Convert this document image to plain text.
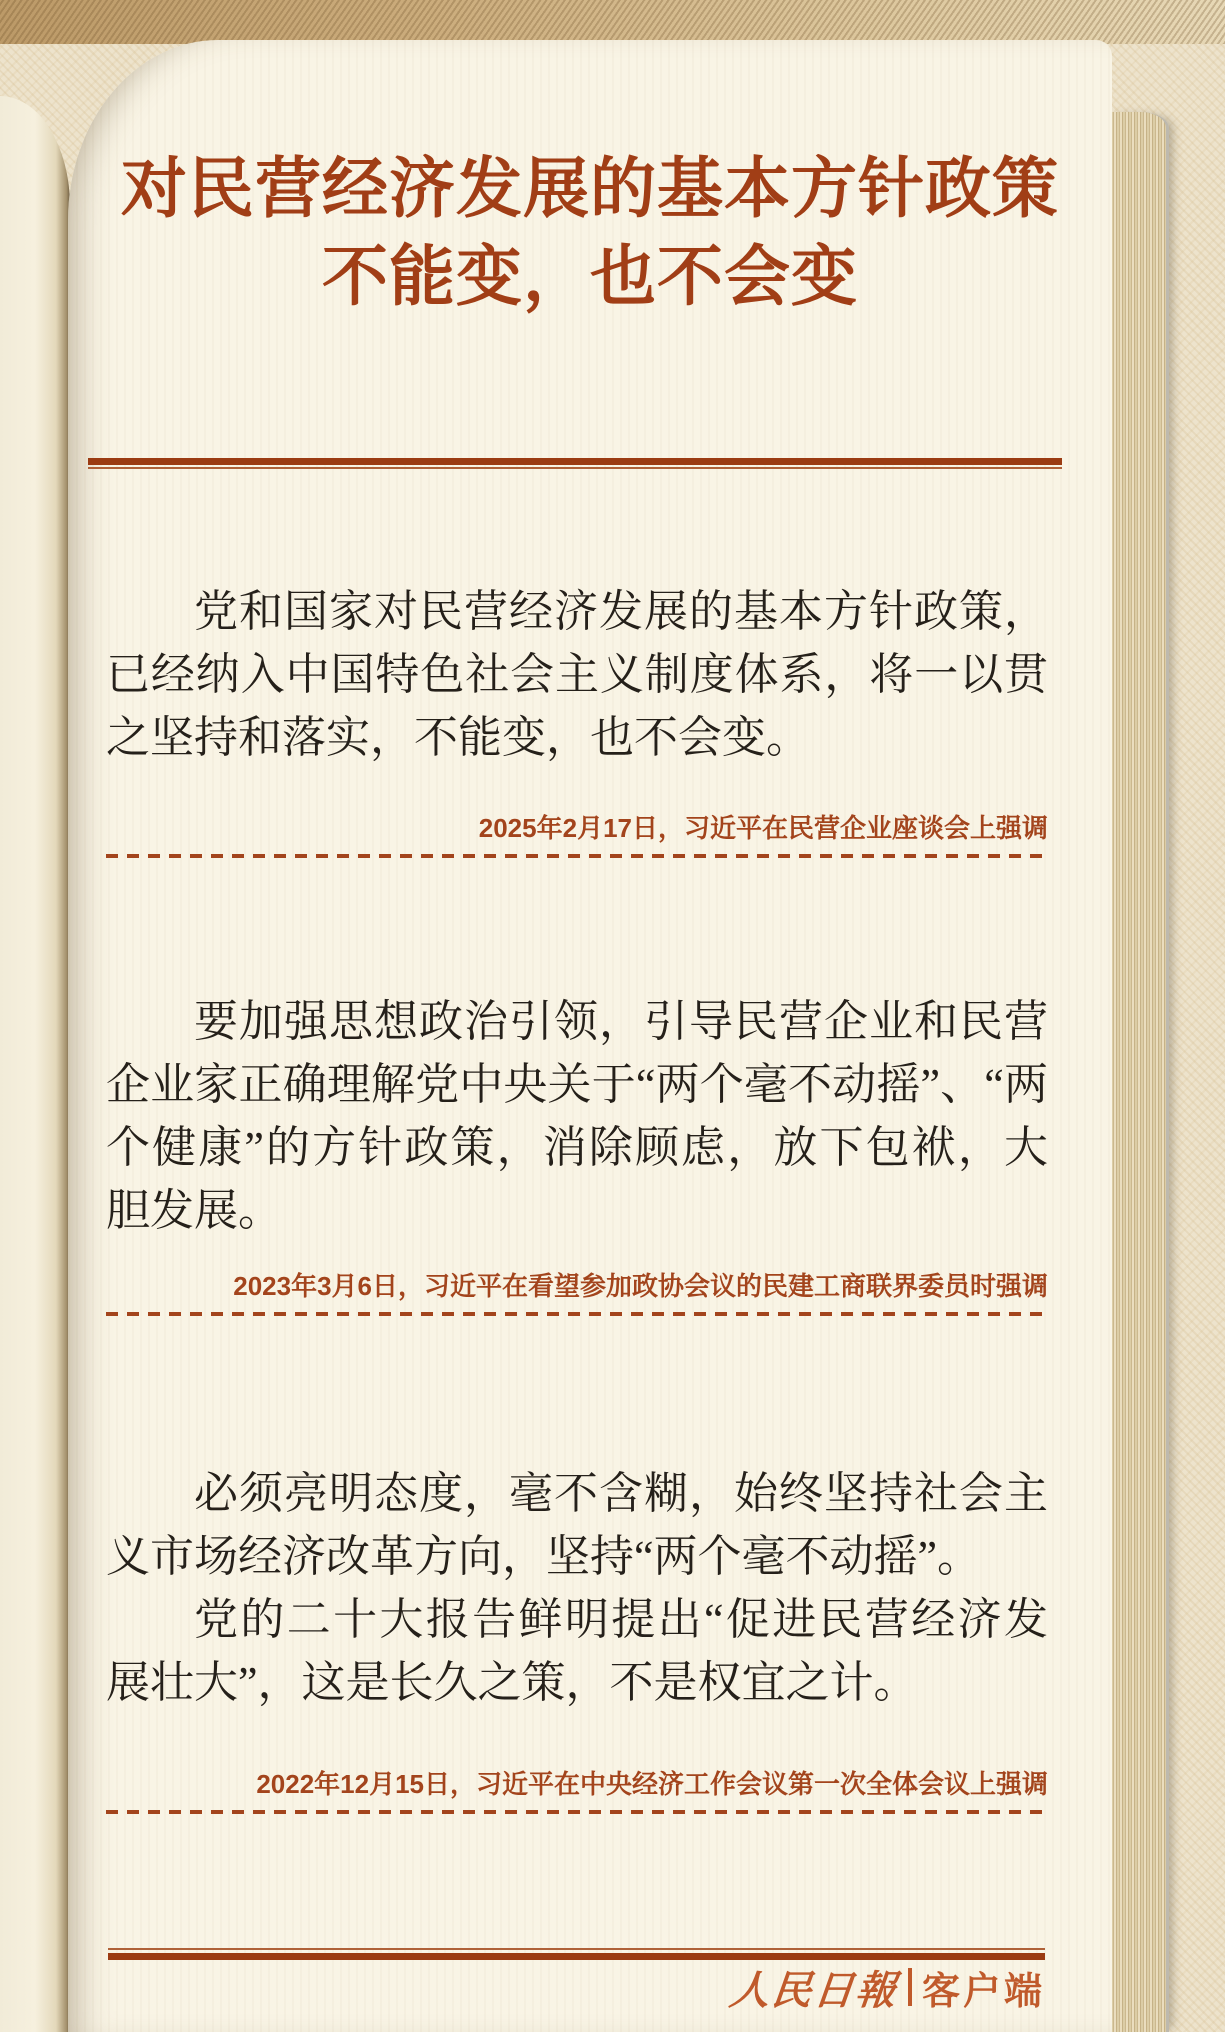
对民营经济发展的基本方针政策
不能变，也不会变

党和国家对民营经济发展的基本方针政策，已经纳入中国特色社会主义制度体系，将一以贯之坚持和落实，不能变，也不会变。

2025年2月17日，习近平在民营企业座谈会上强调

要加强思想政治引领，引导民营企业和民营企业家正确理解党中央关于“两个毫不动摇”、“两个健康”的方针政策，消除顾虑，放下包袱，大胆发展。

2023年3月6日，习近平在看望参加政协会议的民建工商联界委员时强调

必须亮明态度，毫不含糊，始终坚持社会主义市场经济改革方向，坚持“两个毫不动摇”。

党的二十大报告鲜明提出“促进民营经济发展壮大”，这是长久之策，不是权宜之计。

2022年12月15日，习近平在中央经济工作会议第一次全体会议上强调
人民日報 客户端
